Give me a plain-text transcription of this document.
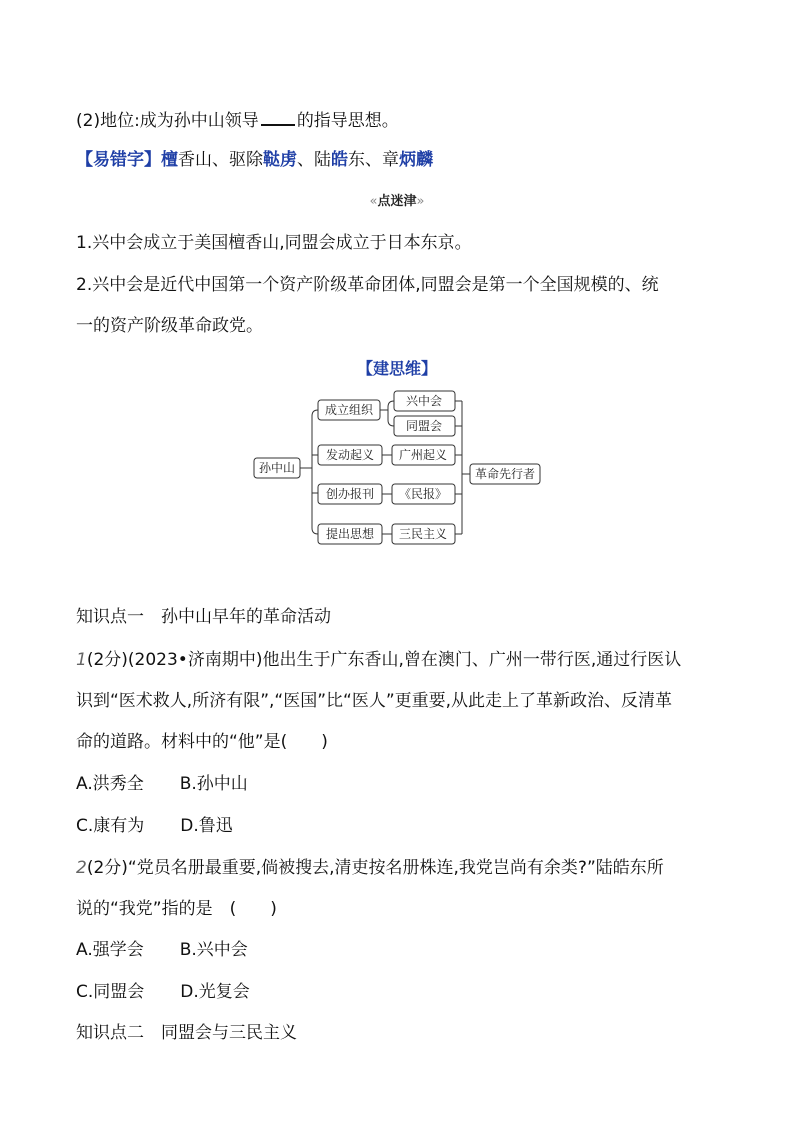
(2)地位:成为孙中山领导 的指导思想。
【易错字】檀香山、驱除鞑虏、陆皓东、章炳麟
«点迷津»
1.兴中会成立于美国檀香山,同盟会成立于日本东京。
2.兴中会是近代中国第一个资产阶级革命团体,同盟会是第一个全国规模的、统
一的资产阶级革命政党。
【建思维】
孙中山
成立组织
发动起义
创办报刊
提出思想
兴中会
同盟会
广州起义
《民报》
三民主义
革命先行者
知识点一　孙中山早年的革命活动
1(2分)(2023•济南期中)他出生于广东香山,曾在澳门、广州一带行医,通过行医认
识到“医术救人,所济有限”,“医国”比“医人”更重要,从此走上了革新政治、反清革
命的道路。材料中的“他”是(　　)
A.洪秀全 B.孙中山
C.康有为 D.鲁迅
2(2分)“党员名册最重要,倘被搜去,清吏按名册株连,我党岂尚有余类?”陆皓东所
说的“我党”指的是　(　　)
A.强学会 B.兴中会
C.同盟会 D.光复会
知识点二　同盟会与三民主义
